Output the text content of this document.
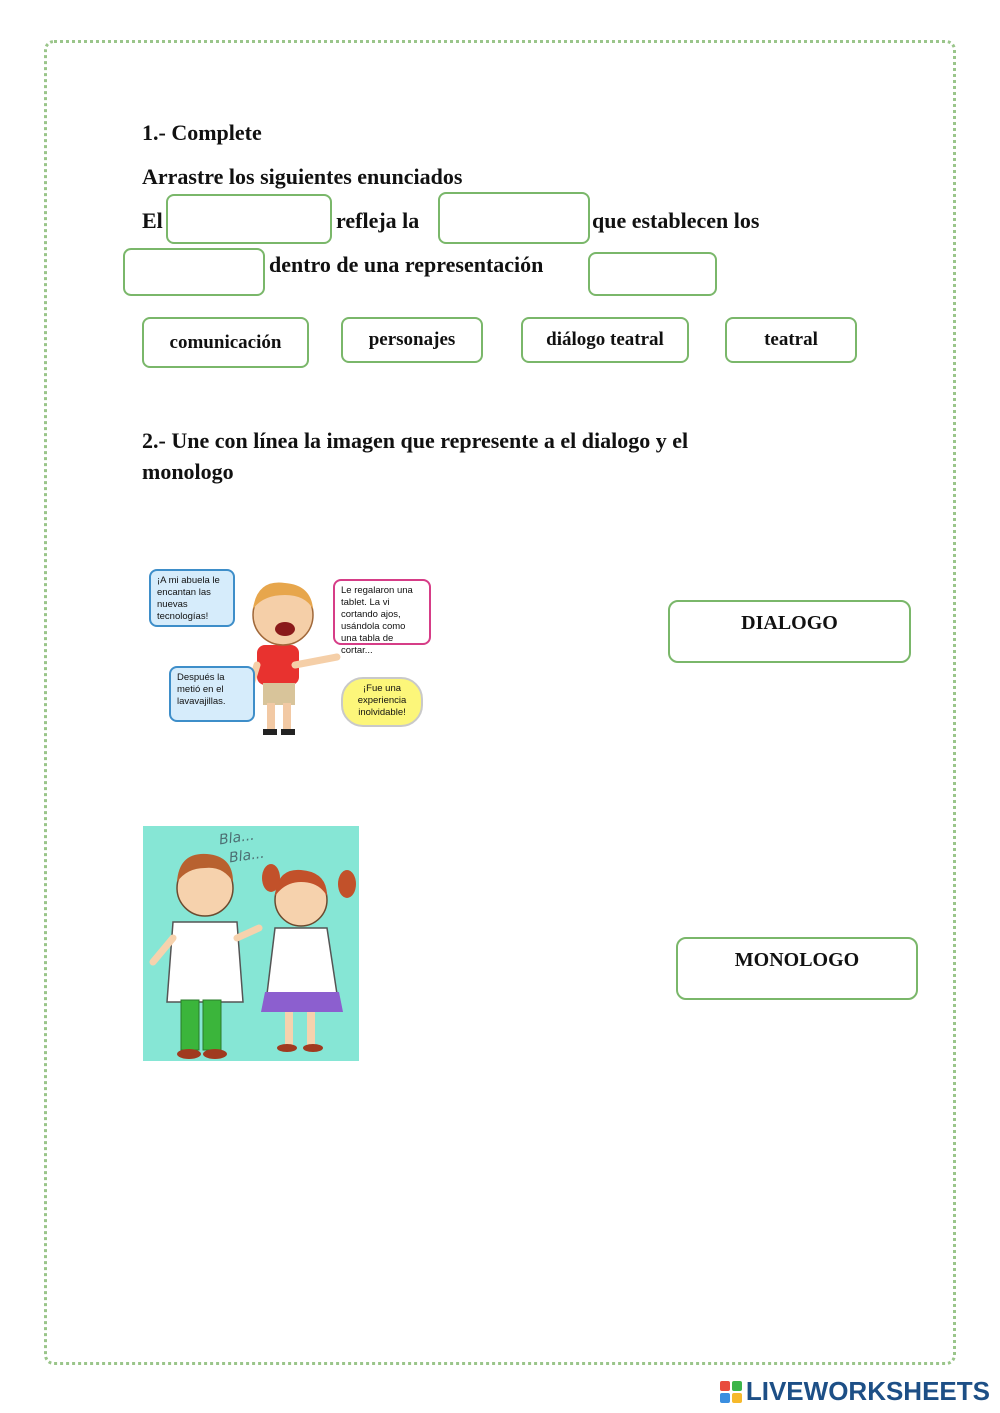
1.- Complete
Arrastre los siguientes enunciados
El	refleja la	que establecen los
dentro de una representación
comunicación	personajes	diálogo teatral	teatral
2.- Une con línea la imagen que represente a el dialogo y el
monologo
¡A mi abuela le encantan las nuevas tecnologías!
Le regalaron una tablet. La vi cortando ajos, usándola como una tabla de cortar...
Después la metió en el lavavajillas.
¡Fue una experiencia inolvidable!
Bla...
Bla...
DIALOGO
MONOLOGO
LIVEWORKSHEETS
